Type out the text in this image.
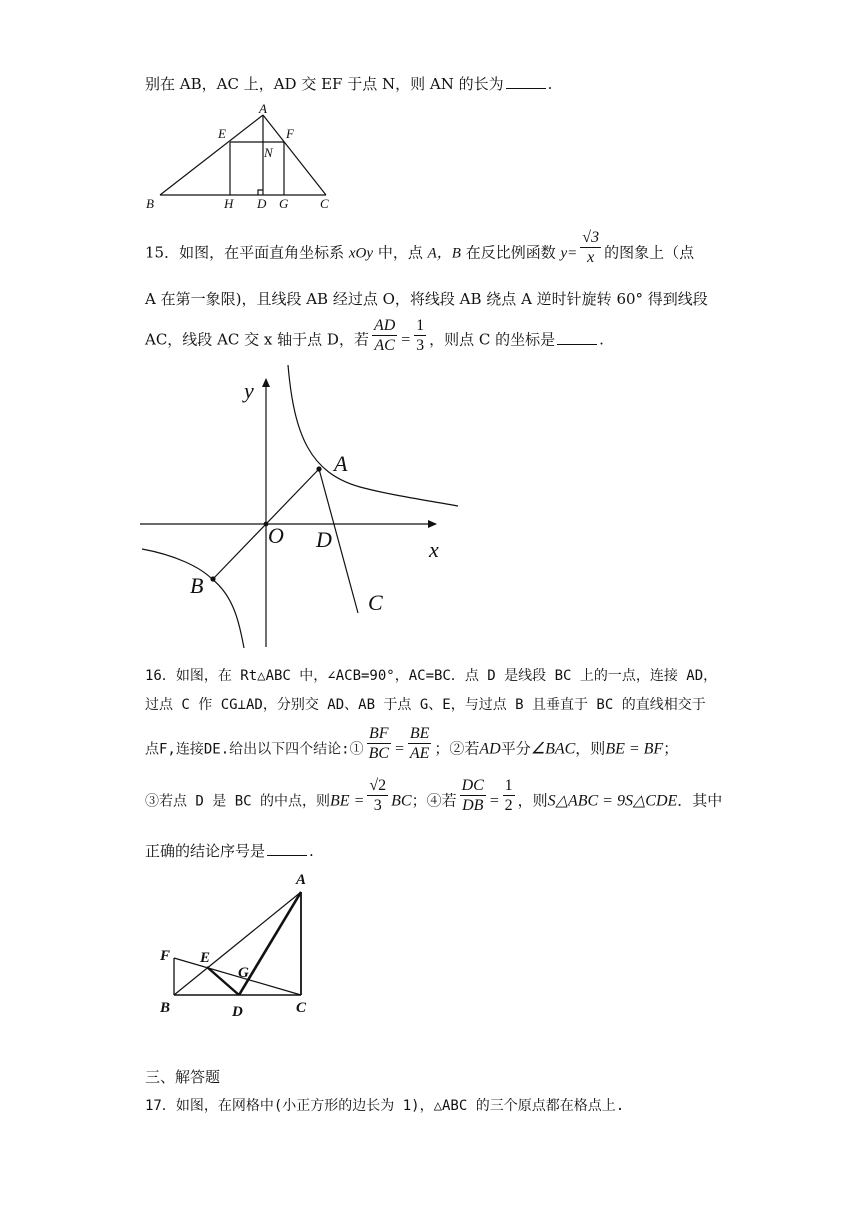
别在 AB，AC 上，AD 交 EF 于点 N，则 AN 的长为	.
A
E	F
N
B	H D G C
15．如图，在平面直角坐标系 xOy 中，点 A，B 在反比例函数 $y= \frac{√3}{x}$ 的图象上（点
A 在第一象限)，且线段 AB 经过点 O，将线段 AB 绕点 A 逆时针旋转 60° 得到线段
AC，线段 AC 交 x 轴于点 D，若 $\frac{AD}{AC} = \frac{1}{3}$ ，则点 C 的坐标是	.
y
A
O D	x
B
C
16．如图，在 Rt△ABC 中，∠ACB=90°，AC=BC．点 D 是线段 BC 上的一点，连接 AD，
过点 C 作 CG⊥AD，分别交 AD、AB 于点 G、E，与过点 B 且垂直于 BC 的直线相交于
点F,连接DE.给出以下四个结论:① $\frac{BF}{BC} = \frac{BE}{AE}$ ；②若AD平分∠BAC，则BE = BF；
③若点 D 是 BC 的中点，则BE = $\frac{√2}{3}$ BC；④若 $\frac{DC}{DB} = \frac{1}{2}$ ，则S△ABC = 9S△CDE．其中
正确的结论序号是	.
A
F E
G
B	D	C
三、解答题
17．如图，在网格中(小正方形的边长为 1)，△ABC 的三个原点都在格点上.
